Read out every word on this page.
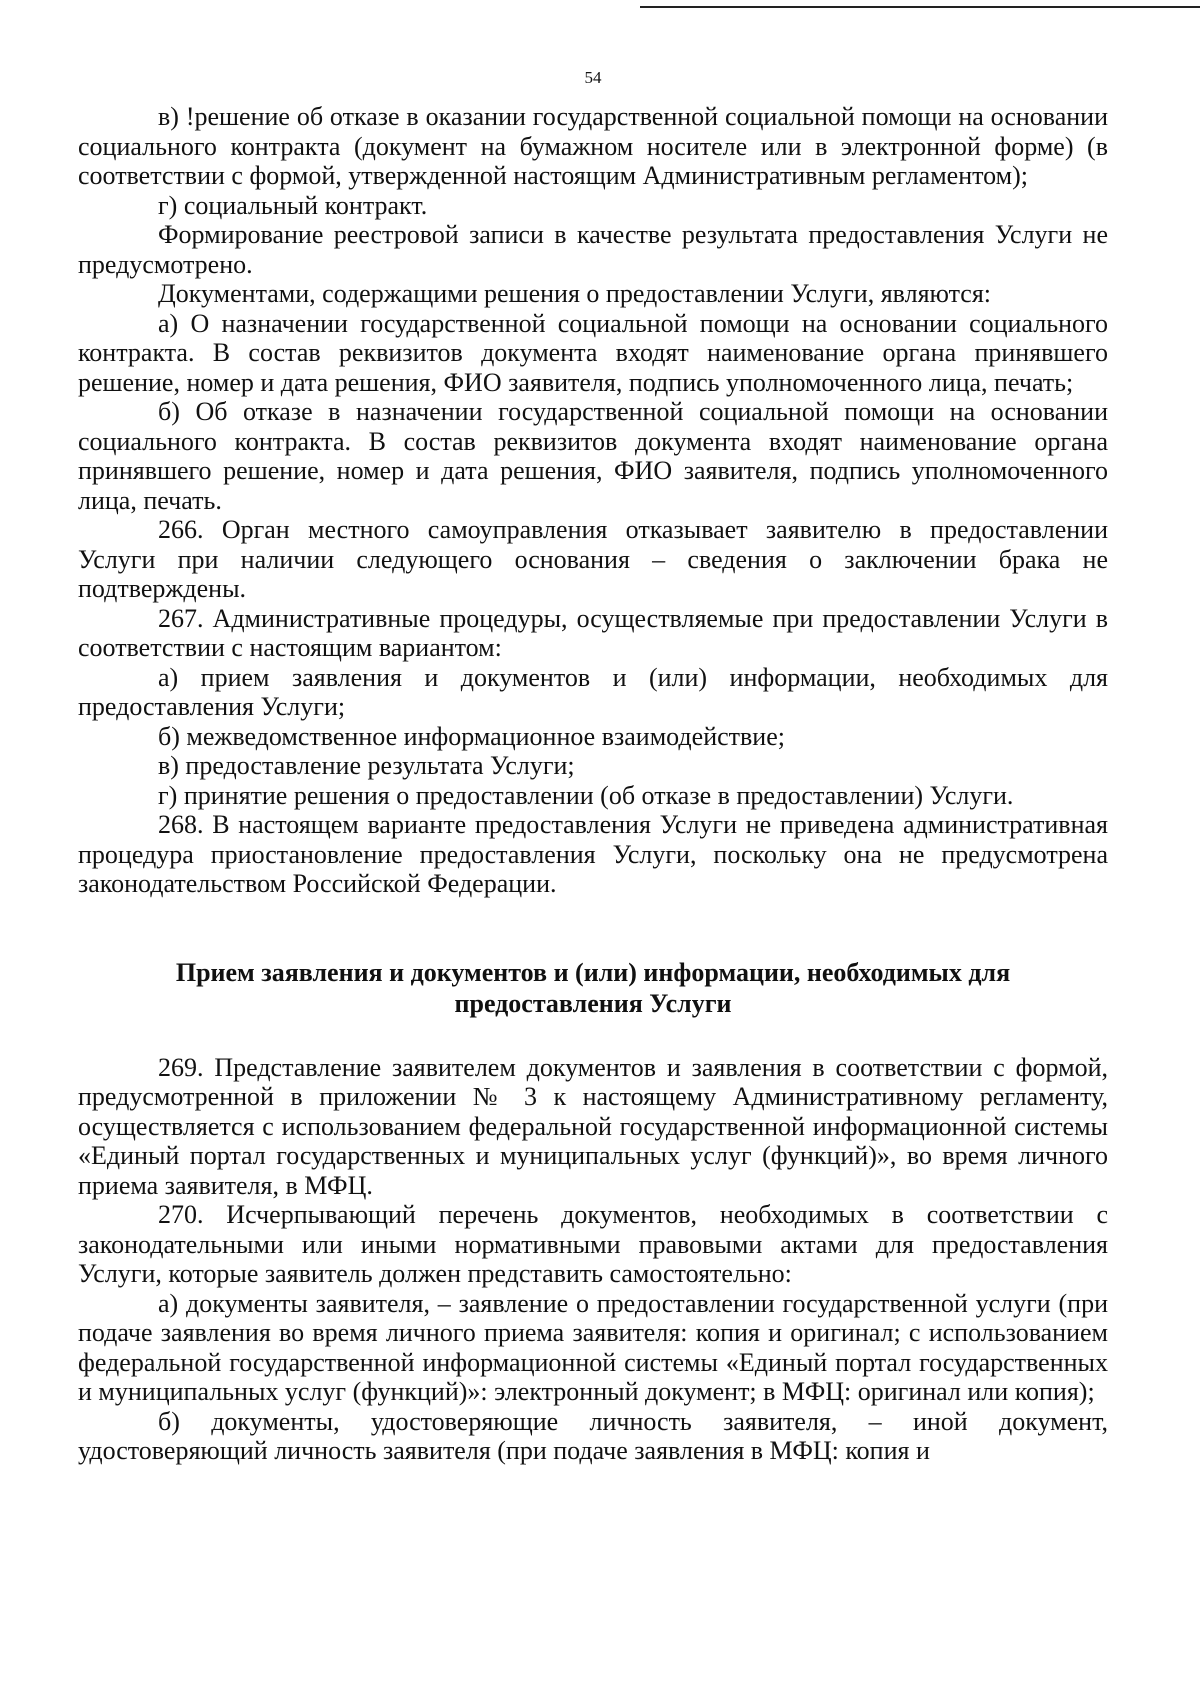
54

в) !решение об отказе в оказании государственной социальной помощи на основании социального контракта (документ на бумажном носителе или в электронной форме) (в соответствии с формой, утвержденной настоящим Административным регламентом);

г) социальный контракт.

Формирование реестровой записи в качестве результата предоставления Услуги не предусмотрено.

Документами, содержащими решения о предоставлении Услуги, являются:

а) О назначении государственной социальной помощи на основании социального контракта. В состав реквизитов документа входят наименование органа принявшего решение, номер и дата решения, ФИО заявителя, подпись уполномоченного лица, печать;

б) Об отказе в назначении государственной социальной помощи на основании социального контракта. В состав реквизитов документа входят наименование органа принявшего решение, номер и дата решения, ФИО заявителя, подпись уполномоченного лица, печать.

266. Орган местного самоуправления отказывает заявителю в предоставлении Услуги при наличии следующего основания – сведения о заключении брака не подтверждены.

267. Административные процедуры, осуществляемые при предоставлении Услуги в соответствии с настоящим вариантом:

а) прием заявления и документов и (или) информации, необходимых для предоставления Услуги;

б) межведомственное информационное взаимодействие;

в) предоставление результата Услуги;

г) принятие решения о предоставлении (об отказе в предоставлении) Услуги.

268. В настоящем варианте предоставления Услуги не приведена административная процедура приостановление предоставления Услуги, поскольку она не предусмотрена законодательством Российской Федерации.

Прием заявления и документов и (или) информации, необходимых для
предоставления Услуги

269. Представление заявителем документов и заявления в соответствии с формой, предусмотренной в приложении № 3 к настоящему Административному регламенту, осуществляется с использованием федеральной государственной информационной системы «Единый портал государственных и муниципальных услуг (функций)», во время личного приема заявителя, в МФЦ.

270. Исчерпывающий перечень документов, необходимых в соответствии с законодательными или иными нормативными правовыми актами для предоставления Услуги, которые заявитель должен представить самостоятельно:

а) документы заявителя, – заявление о предоставлении государственной услуги (при подаче заявления во время личного приема заявителя: копия и оригинал; с использованием федеральной государственной информационной системы «Единый портал государственных и муниципальных услуг (функций)»: электронный документ; в МФЦ: оригинал или копия);

б) документы, удостоверяющие личность заявителя, – иной документ, удостоверяющий личность заявителя (при подаче заявления в МФЦ: копия и
